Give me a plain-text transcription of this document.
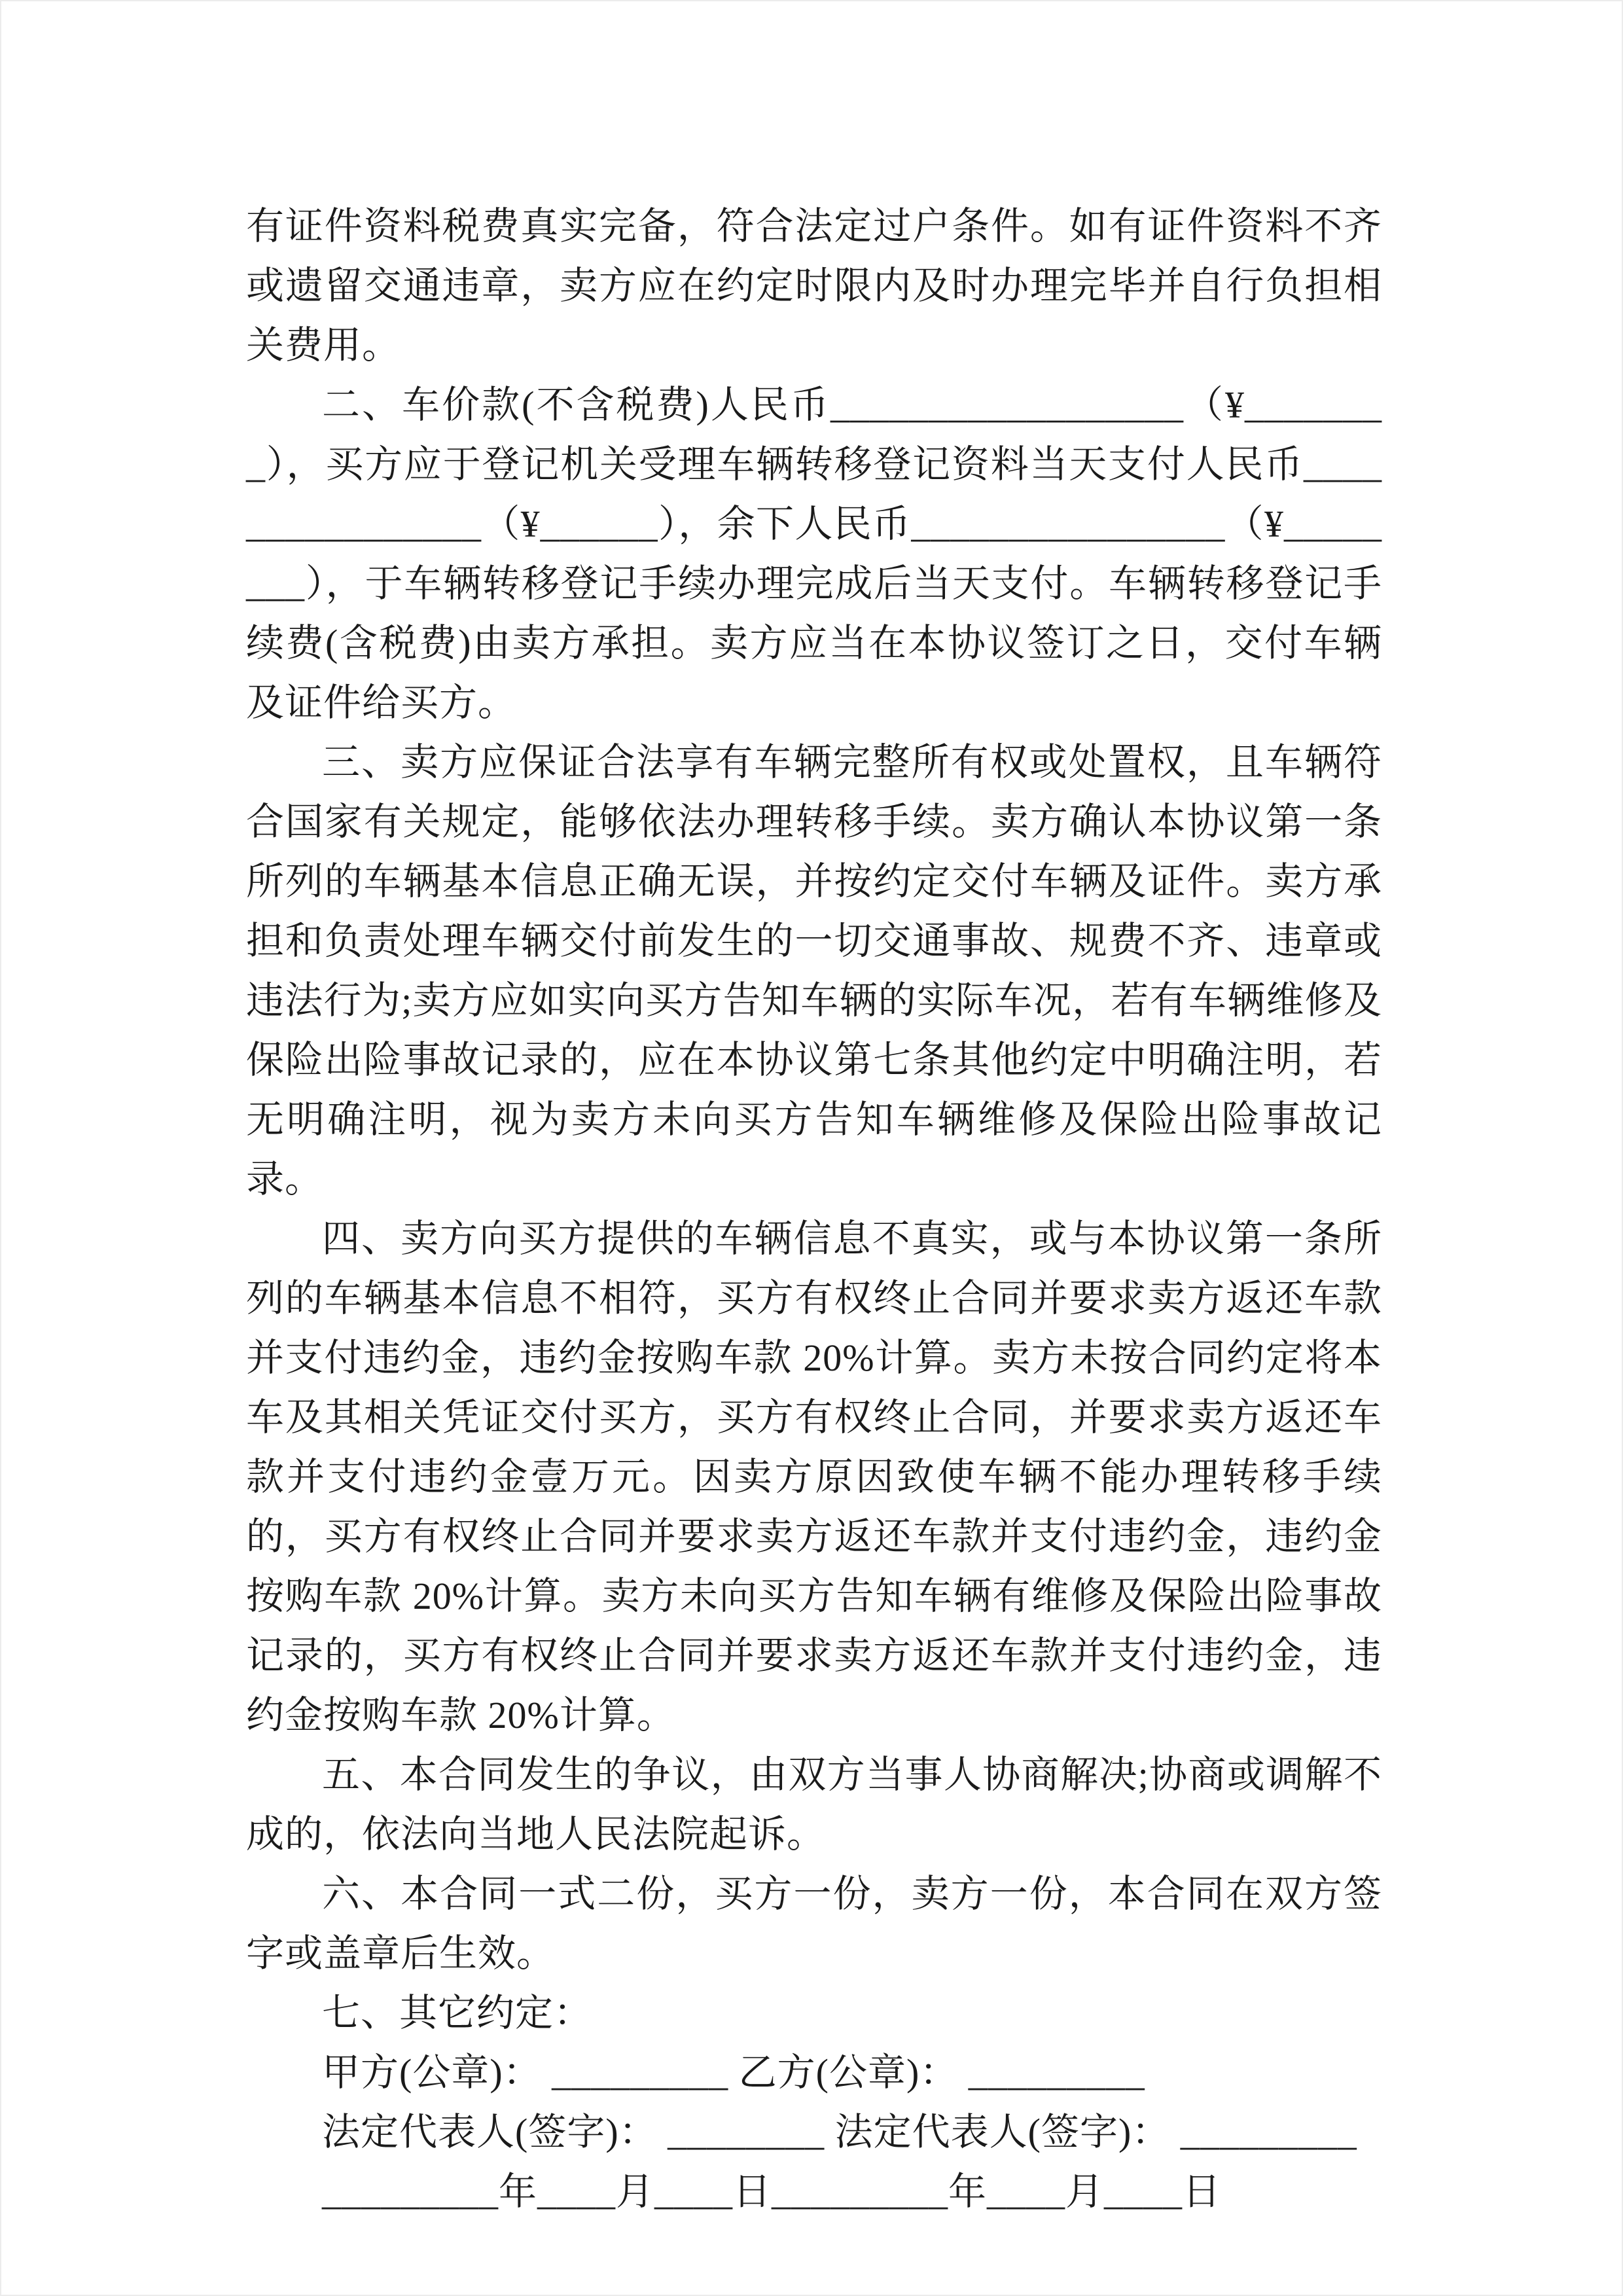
有证件资料税费真实完备，符合法定过户条件。如有证件资料不齐或遗留交通违章，卖方应在约定时限内及时办理完毕并自行负担相关费用。

二、车价款(不含税费)人民币__________________（¥________），买方应于登记机关受理车辆转移登记资料当天支付人民币________________（¥______），余下人民币________________（¥________），于车辆转移登记手续办理完成后当天支付。车辆转移登记手续费(含税费)由卖方承担。卖方应当在本协议签订之日，交付车辆及证件给买方。

三、卖方应保证合法享有车辆完整所有权或处置权，且车辆符合国家有关规定，能够依法办理转移手续。卖方确认本协议第一条所列的车辆基本信息正确无误，并按约定交付车辆及证件。卖方承担和负责处理车辆交付前发生的一切交通事故、规费不齐、违章或违法行为;卖方应如实向买方告知车辆的实际车况，若有车辆维修及保险出险事故记录的，应在本协议第七条其他约定中明确注明，若无明确注明，视为卖方未向买方告知车辆维修及保险出险事故记录。

四、卖方向买方提供的车辆信息不真实，或与本协议第一条所列的车辆基本信息不相符，买方有权终止合同并要求卖方返还车款并支付违约金，违约金按购车款 20%计算。卖方未按合同约定将本车及其相关凭证交付买方，买方有权终止合同，并要求卖方返还车款并支付违约金壹万元。因卖方原因致使车辆不能办理转移手续的，买方有权终止合同并要求卖方返还车款并支付违约金，违约金按购车款 20%计算。卖方未向买方告知车辆有维修及保险出险事故记录的，买方有权终止合同并要求卖方返还车款并支付违约金，违约金按购车款 20%计算。

五、本合同发生的争议，由双方当事人协商解决;协商或调解不成的，依法向当地人民法院起诉。

六、本合同一式二份，买方一份，卖方一份，本合同在双方签字或盖章后生效。

七、其它约定：

甲方(公章)： _________ 乙方(公章)： _________

法定代表人(签字)： ________ 法定代表人(签字)： _________

_________年____月____日_________年____月____日
